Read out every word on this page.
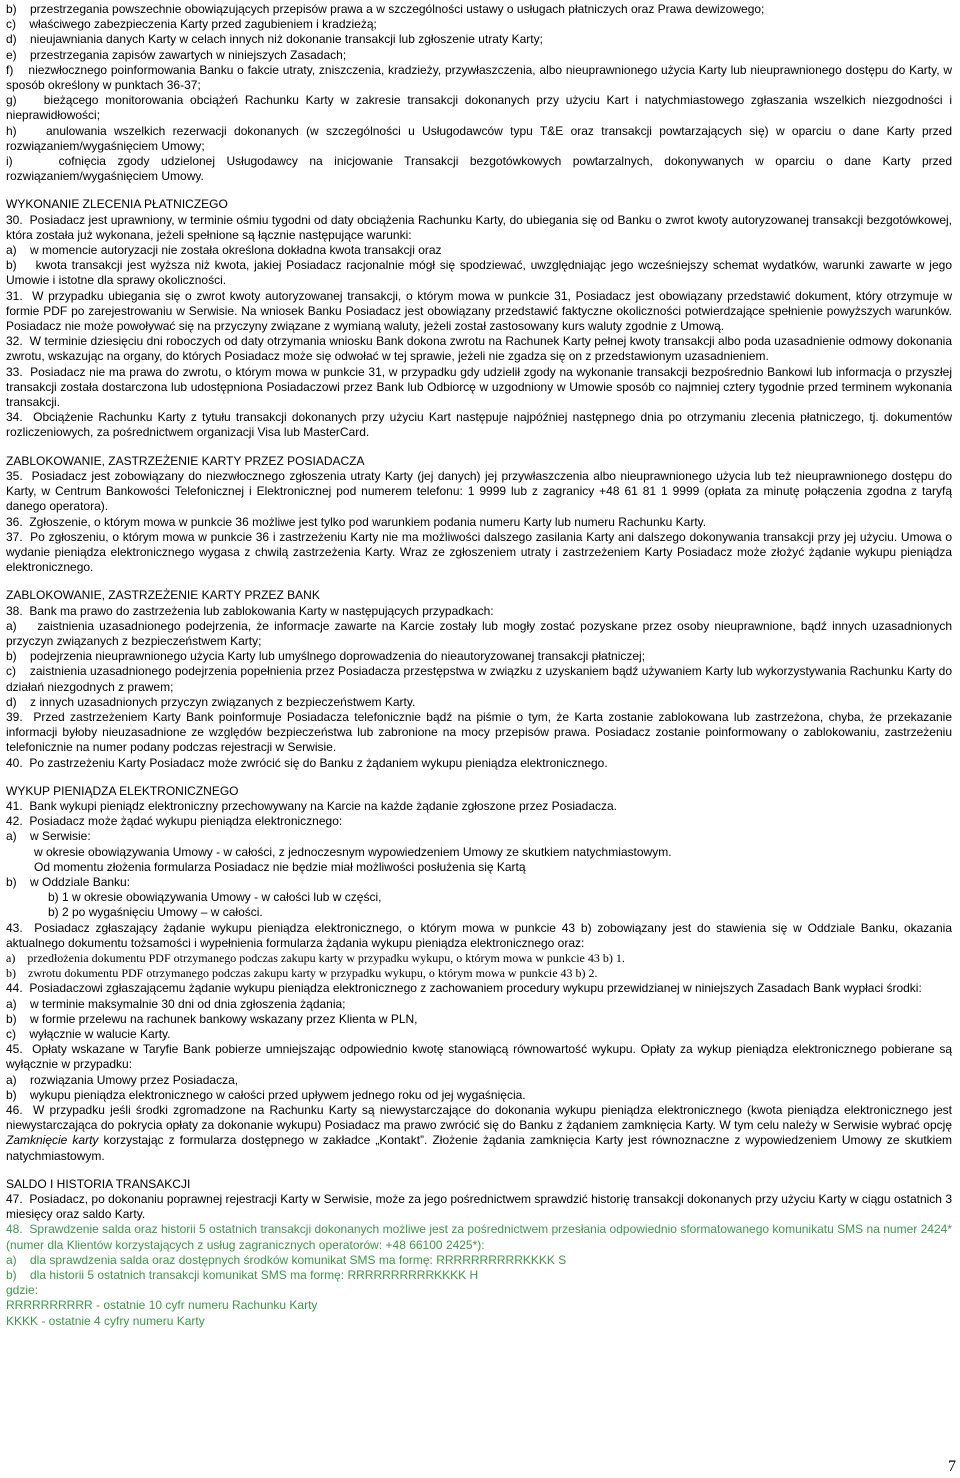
b)    przestrzegania powszechnie obowiązujących przepisów prawa a w szczególności ustawy o usługach płatniczych oraz Prawa dewizowego;

c)    właściwego zabezpieczenia Karty przed zagubieniem i kradzieżą;

d)    nieujawniania danych Karty w celach innych niż dokonanie transakcji lub zgłoszenie utraty Karty;

e)    przestrzegania zapisów zawartych w niniejszych Zasadach;

f)    niezwłocznego poinformowania Banku o fakcie utraty, zniszczenia, kradzieży, przywłaszczenia, albo nieuprawnionego użycia Karty lub nieuprawnionego dostępu do Karty, w sposób określony w punktach 36-37;

g)    bieżącego monitorowania obciążeń Rachunku Karty w zakresie transakcji dokonanych przy użyciu Kart i natychmiastowego zgłaszania wszelkich niezgodności i nieprawidłowości;

h)    anulowania wszelkich rezerwacji dokonanych (w szczególności u Usługodawców typu T&E oraz transakcji powtarzających się) w oparciu o dane Karty przed rozwiązaniem/wygaśnięciem Umowy;

i)    cofnięcia zgody udzielonej Usługodawcy na inicjowanie Transakcji bezgotówkowych powtarzalnych, dokonywanych w oparciu o dane Karty przed rozwiązaniem/wygaśnięciem Umowy.

WYKONANIE ZLECENIA PŁATNICZEGO

30.  Posiadacz jest uprawniony, w terminie ośmiu tygodni od daty obciążenia Rachunku Karty, do ubiegania się od Banku o zwrot kwoty autoryzowanej transakcji bezgotówkowej, która została już wykonana, jeżeli spełnione są łącznie następujące warunki:

a)    w momencie autoryzacji nie została określona dokładna kwota transakcji oraz

b)    kwota transakcji jest wyższa niż kwota, jakiej Posiadacz racjonalnie mógł się spodziewać, uwzględniając jego wcześniejszy schemat wydatków, warunki zawarte w jego Umowie i istotne dla sprawy okoliczności.

31.  W przypadku ubiegania się o zwrot kwoty autoryzowanej transakcji, o którym mowa w punkcie 31, Posiadacz jest obowiązany przedstawić dokument, który otrzymuje w formie PDF po zarejestrowaniu w Serwisie. Na wniosek Banku Posiadacz jest obowiązany przedstawić faktyczne okoliczności potwierdzające spełnienie powyższych warunków. Posiadacz nie może powoływać się na przyczyny związane z wymianą waluty, jeżeli został zastosowany kurs waluty zgodnie z Umową.

32.  W terminie dziesięciu dni roboczych od daty otrzymania wniosku Bank dokona zwrotu na Rachunek Karty pełnej kwoty transakcji albo poda uzasadnienie odmowy dokonania zwrotu, wskazując na organy, do których Posiadacz może się odwołać w tej sprawie, jeżeli nie zgadza się on z przedstawionym uzasadnieniem.

33.  Posiadacz nie ma prawa do zwrotu, o którym mowa w punkcie 31, w przypadku gdy udzielił zgody na wykonanie transakcji bezpośrednio Bankowi lub informacja o przyszłej transakcji została dostarczona lub udostępniona Posiadaczowi przez Bank lub Odbiorcę w uzgodniony w Umowie sposób co najmniej cztery tygodnie przed terminem wykonania transakcji.

34.  Obciążenie Rachunku Karty z tytułu transakcji dokonanych przy użyciu Kart następuje najpóźniej następnego dnia po otrzymaniu zlecenia płatniczego, tj. dokumentów rozliczeniowych, za pośrednictwem organizacji Visa lub MasterCard.

ZABLOKOWANIE, ZASTRZEŻENIE KARTY PRZEZ POSIADACZA

35.  Posiadacz jest zobowiązany do niezwłocznego zgłoszenia utraty Karty (jej danych) jej przywłaszczenia albo nieuprawnionego użycia lub też nieuprawnionego dostępu do Karty, w Centrum Bankowości Telefonicznej i Elektronicznej pod numerem telefonu: 1 9999 lub z zagranicy +48 61 81 1 9999 (opłata za minutę połączenia zgodna z taryfą danego operatora).

36.  Zgłoszenie, o którym mowa w punkcie 36 możliwe jest tylko pod warunkiem podania numeru Karty lub numeru Rachunku Karty.

37.  Po zgłoszeniu, o którym mowa w punkcie 36 i zastrzeżeniu Karty nie ma możliwości dalszego zasilania Karty ani dalszego dokonywania transakcji przy jej użyciu. Umowa o wydanie pieniądza elektronicznego wygasa z chwilą zastrzeżenia Karty. Wraz ze zgłoszeniem utraty i zastrzeżeniem Karty Posiadacz może złożyć żądanie wykupu pieniądza elektronicznego.

ZABLOKOWANIE, ZASTRZEŻENIE KARTY PRZEZ BANK

38.  Bank ma prawo do zastrzeżenia lub zablokowania Karty w następujących przypadkach:

a)    zaistnienia uzasadnionego podejrzenia, że informacje zawarte na Karcie zostały lub mogły zostać pozyskane przez osoby nieuprawnione, bądź innych uzasadnionych przyczyn związanych z bezpieczeństwem Karty;

b)    podejrzenia nieuprawnionego użycia Karty lub umyślnego doprowadzenia do nieautoryzowanej transakcji płatniczej;

c)    zaistnienia uzasadnionego podejrzenia popełnienia przez Posiadacza przestępstwa w związku z uzyskaniem bądź używaniem Karty lub wykorzystywania Rachunku Karty do działań niezgodnych z prawem;

d)    z innych uzasadnionych przyczyn związanych z bezpieczeństwem Karty.

39.  Przed zastrzeżeniem Karty Bank poinformuje Posiadacza telefonicznie bądź na piśmie o tym, że Karta zostanie zablokowana lub zastrzeżona, chyba, że przekazanie informacji byłoby nieuzasadnione ze względów bezpieczeństwa lub zabronione na mocy przepisów prawa. Posiadacz zostanie poinformowany o zablokowaniu, zastrzeżeniu telefonicznie na numer podany podczas rejestracji w Serwisie.

40.  Po zastrzeżeniu Karty Posiadacz może zwrócić się do Banku z żądaniem wykupu pieniądza elektronicznego.

WYKUP PIENIĄDZA ELEKTRONICZNEGO

41.  Bank wykupi pieniądz elektroniczny przechowywany na Karcie na każde żądanie zgłoszone przez Posiadacza.

42.  Posiadacz może żądać wykupu pieniądza elektronicznego:

a)    w Serwisie:

w okresie obowiązywania Umowy - w całości, z jednoczesnym wypowiedzeniem Umowy ze skutkiem natychmiastowym.

Od momentu złożenia formularza Posiadacz nie będzie miał możliwości posłużenia się Kartą

b)    w Oddziale Banku:

b) 1 w okresie obowiązywania Umowy - w całości lub w części,

b) 2 po wygaśnięciu Umowy – w całości.

43.  Posiadacz zgłaszający żądanie wykupu pieniądza elektronicznego, o którym mowa w punkcie 43 b) zobowiązany jest do stawienia się w Oddziale Banku, okazania aktualnego dokumentu tożsamości i wypełnienia formularza żądania wykupu pieniądza elektronicznego oraz:

a)    przedłożenia dokumentu PDF otrzymanego podczas zakupu karty w przypadku wykupu, o którym mowa w punkcie 43 b) 1.

b)    zwrotu dokumentu PDF otrzymanego podczas zakupu karty w przypadku wykupu, o którym mowa w punkcie 43 b) 2.

44.  Posiadaczowi zgłaszającemu żądanie wykupu pieniądza elektronicznego z zachowaniem procedury wykupu przewidzianej w niniejszych Zasadach Bank wypłaci środki:

a)    w terminie maksymalnie 30 dni od dnia zgłoszenia żądania;

b)    w formie przelewu na rachunek bankowy wskazany przez Klienta w PLN,

c)    wyłącznie w walucie Karty.

45.  Opłaty wskazane w Taryfie Bank pobierze umniejszając odpowiednio kwotę stanowiącą równowartość wykupu. Opłaty za wykup pieniądza elektronicznego pobierane są wyłącznie w przypadku:

a)    rozwiązania Umowy przez Posiadacza,

b)    wykupu pieniądza elektronicznego w całości przed upływem jednego roku od jej wygaśnięcia.

46.  W przypadku jeśli środki zgromadzone na Rachunku Karty są niewystarczające do dokonania wykupu pieniądza elektronicznego (kwota pieniądza elektronicznego jest niewystarczająca do pokrycia opłaty za dokonanie wykupu) Posiadacz ma prawo zwrócić się do Banku z żądaniem zamknięcia Karty. W tym celu należy w Serwisie wybrać opcję Zamknięcie karty korzystając z formularza dostępnego w zakładce „Kontakt”. Złożenie żądania zamknięcia Karty jest równoznaczne z wypowiedzeniem Umowy ze skutkiem natychmiastowym.

SALDO I HISTORIA TRANSAKCJI

47.  Posiadacz, po dokonaniu poprawnej rejestracji Karty w Serwisie, może za jego pośrednictwem sprawdzić historię transakcji dokonanych przy użyciu Karty w ciągu ostatnich 3 miesięcy oraz saldo Karty.

48.  Sprawdzenie salda oraz historii 5 ostatnich transakcji dokonanych możliwe jest za pośrednictwem przesłania odpowiednio sformatowanego komunikatu SMS na numer 2424* (numer dla Klientów korzystających z usług zagranicznych operatorów: +48 66100 2425*):

a)    dla sprawdzenia salda oraz dostępnych środków komunikat SMS ma formę: RRRRRRRRRRKKKK S

b)    dla historii 5 ostatnich transakcji komunikat SMS ma formę: RRRRRRRRRRKKKK H

gdzie:

RRRRRRRRRR - ostatnie 10 cyfr numeru Rachunku Karty

KKKK - ostatnie 4 cyfry numeru Karty

7
